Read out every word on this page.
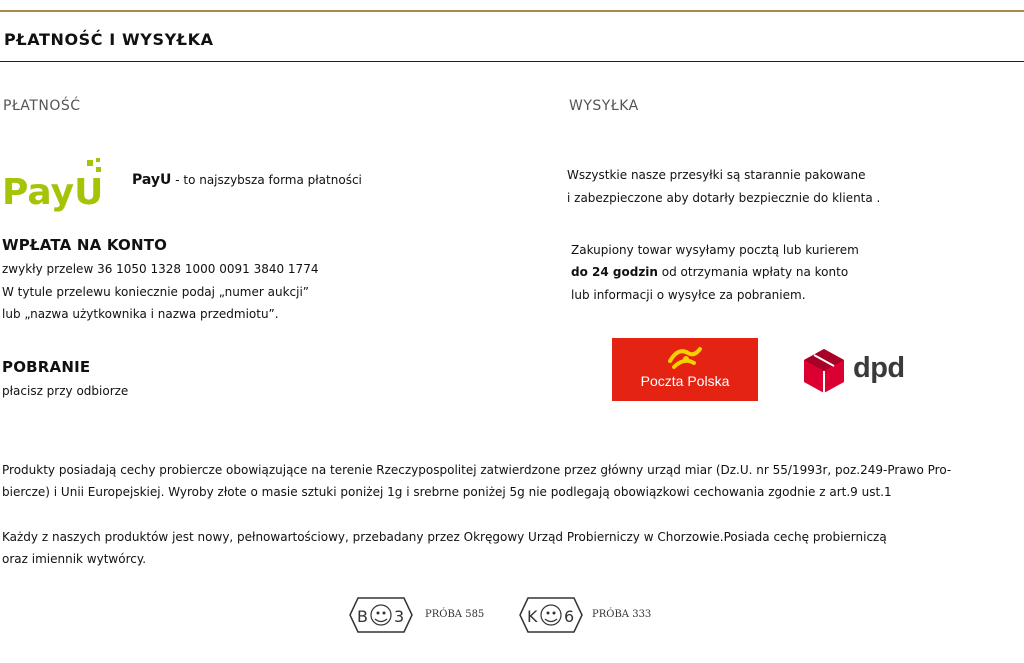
PŁATNOŚĆ I WYSYŁKA
PŁATNOŚĆ
PayU PayU - to najszybsza forma płatności
WPŁATA NA KONTO
zwykły przelew 36 1050 1328 1000 0091 3840 1774
W tytule przelewu koniecznie podaj „numer aukcji”
lub „nazwa użytkownika i nazwa przedmiotu”.
POBRANIE
płacisz przy odbiorze
WYSYŁKA
Wszystkie nasze przesyłki są starannie pakowane
i zabezpieczone aby dotarły bezpiecznie do klienta .
Zakupiony towar wysyłamy pocztą lub kurierem
do 24 godzin od otrzymania wpłaty na konto
lub informacji o wysyłce za pobraniem.
Poczta Polska	dpd
Produkty posiadają cechy probiercze obowiązujące na terenie Rzeczypospolitej zatwierdzone przez główny urząd miar (Dz.U. nr 55/1993r, poz.249-Prawo Pro-
biercze) i Unii Europejskiej. Wyroby złote o masie sztuki poniżej 1g i srebrne poniżej 5g nie podlegają obowiązkowi cechowania zgodnie z art.9 ust.1
Każdy z naszych produktów jest nowy, pełnowartościowy, przebadany przez Okręgowy Urząd Probierniczy w Chorzowie.Posiada cechę probierniczą
oraz imiennik wytwórcy.
B 3 PRÓBA 585	K 6 PRÓBA 333
